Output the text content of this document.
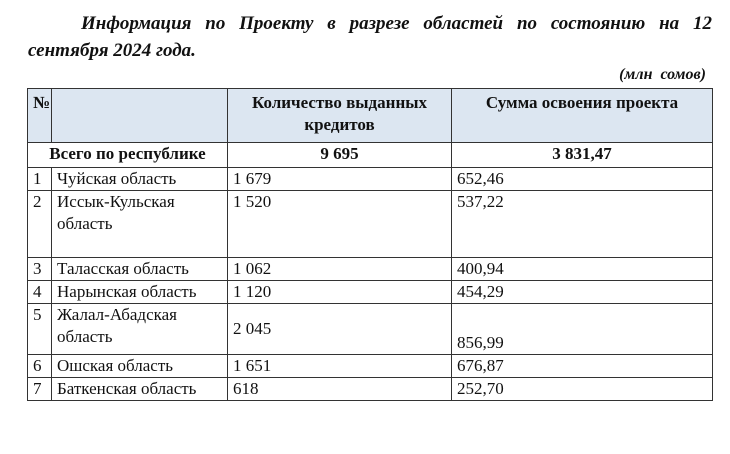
Информация по Проекту в разрезе областей по состоянию на 12 сентября 2024 года.
(млн сомов)
№		Количество выданных кредитов	Сумма освоения проекта
Всего по республике		9 695	3 831,47
1	Чуйская область	1 679	652,46
2	Иссык-Кульская область	1 520	537,22
3	Таласская область	1 062	400,94
4	Нарынская область	1 120	454,29
5	Жалал-Абадская область	2 045	856,99
6	Ошская область	1 651	676,87
7	Баткенская область	618	252,70
